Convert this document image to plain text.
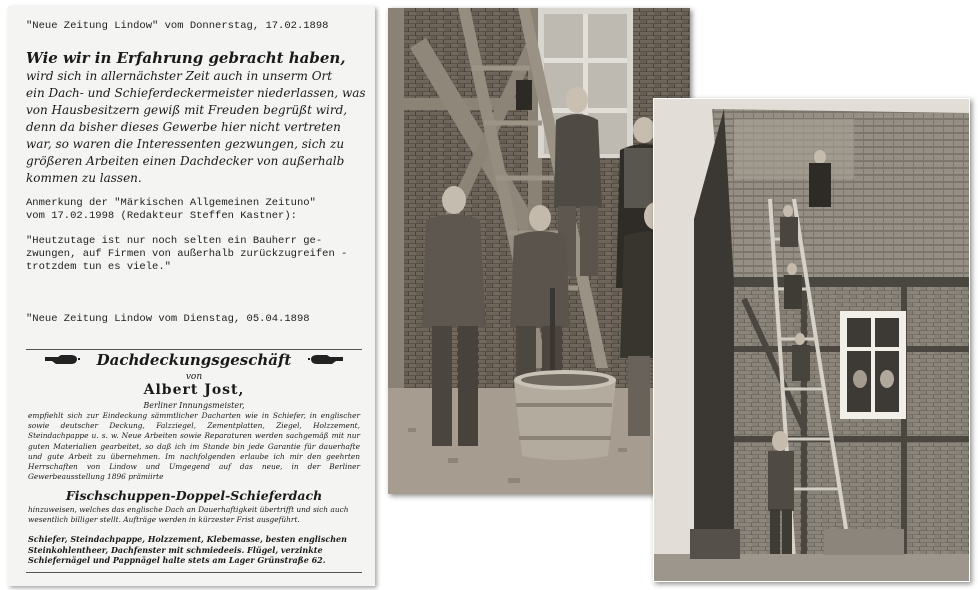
"Neue Zeitung Lindow" vom Donnerstag, 17.02.1898
Wie wir in Erfahrung gebracht haben,
wird sich in allernächster Zeit auch in unserm Ort
ein Dach- und Schieferdeckermeister niederlassen, was
von Hausbesitzern gewiß mit Freuden begrüßt wird,
denn da bisher dieses Gewerbe hier nicht vertreten
war, so waren die Interessenten gezwungen, sich zu
größeren Arbeiten einen Dachdecker von außerhalb
kommen zu lassen.
Anmerkung der "Märkischen Allgemeinen Zeituno"
vom 17.02.1998 (Redakteur Steffen Kastner):
"Heutzutage ist nur noch selten ein Bauherr ge-
zwungen, auf Firmen von außerhalb zurückzugreifen -
trotzdem tun es viele."
"Neue Zeitung Lindow vom Dienstag, 05.04.1898
Dachdeckungsgeschäft
von
Albert Jost,
Berliner Innungsmeister,
empfiehlt sich zur Eindeckung sämmtlicher Dacharten wie in Schiefer, in englischer sowie deutscher Deckung, Falzziegel, Zementplatten, Ziegel, Holzzement, Steindachpappe u. s. w. Neue Arbeiten sowie Reparaturen werden sachgemäß mit nur guten Materialien gearbeitet, so daß ich im Stande bin jede Garantie für dauerhafte und gute Arbeit zu übernehmen. Im nachfolgenden erlaube ich mir den geehrten Herrschaften von Lindow und Umgegend auf das neue, in der Berliner Gewerbeausstellung 1896 prämiirte
Fischschuppen-Doppel-Schieferdach
hinzuweisen, welches das englische Dach an Dauerhaftigkeit übertrifft und sich auch wesentlich billiger stellt. Aufträge werden in kürzester Frist ausgeführt.
Schiefer, Steindachpappe, Holzzement, Klebemasse, besten englischen Steinkohlentheer, Dachfenster mit schmiedeeis. Flügel, verzinkte Schiefernägel und Pappnägel halte stets am Lager Grünstraße 62.
